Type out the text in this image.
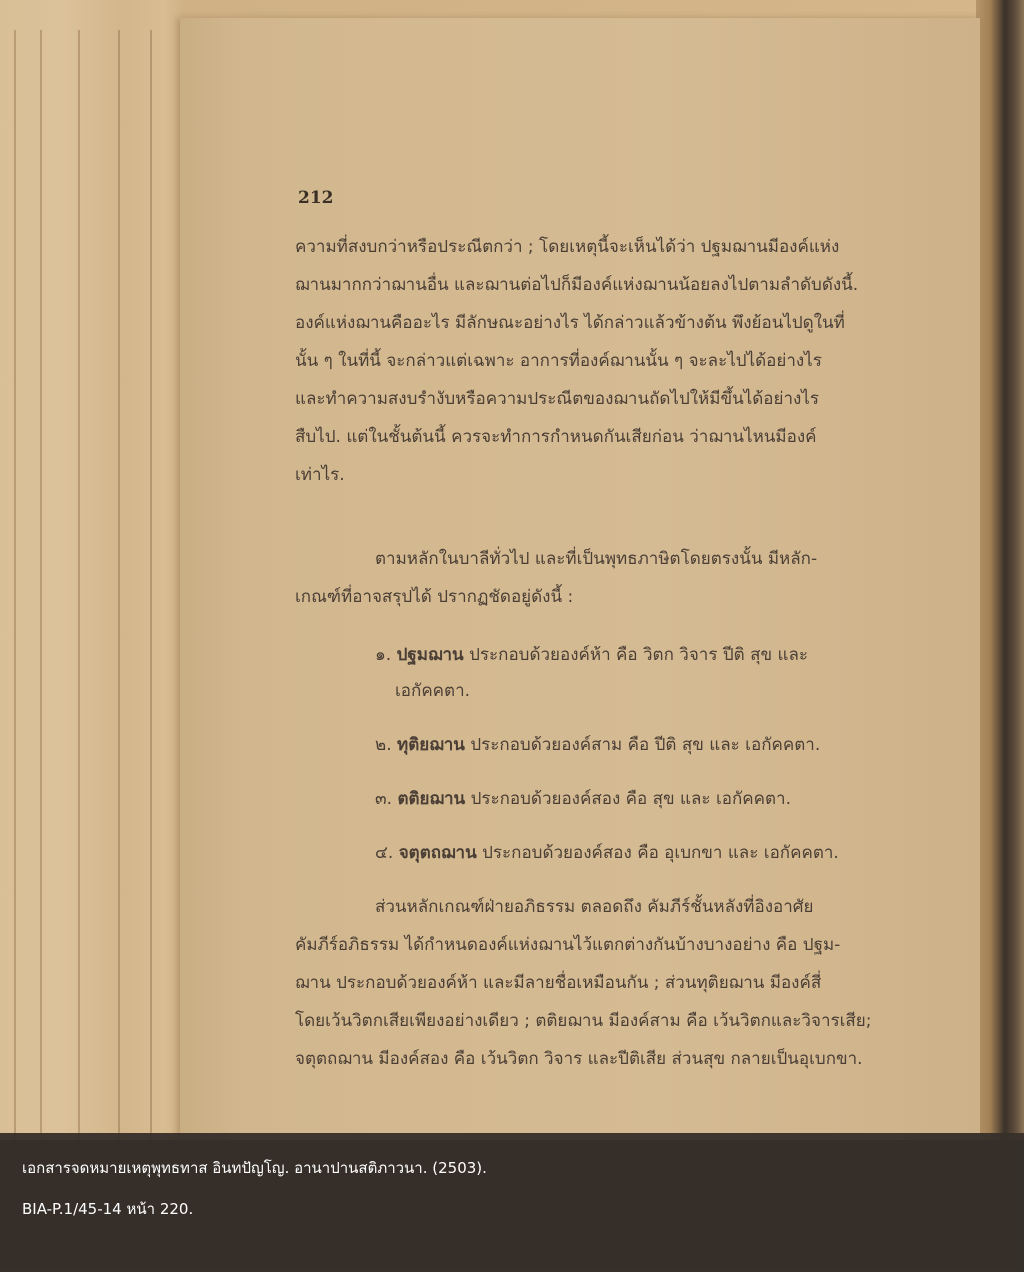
212
ความที่สงบกว่าหรือประณีตกว่า ; โดยเหตุนี้จะเห็นได้ว่า ปฐมฌานมีองค์แห่ง
ฌานมากกว่าฌานอื่น และฌานต่อไปก็มีองค์แห่งฌานน้อยลงไปตามลำดับดังนี้.
องค์แห่งฌานคืออะไร มีลักษณะอย่างไร ได้กล่าวแล้วข้างต้น พึงย้อนไปดูในที่
นั้น ๆ ในที่นี้ จะกล่าวแต่เฉพาะ อาการที่องค์ฌานนั้น ๆ จะละไปได้อย่างไร
และทำความสงบรำงับหรือความประณีตของฌานถัดไปให้มีขึ้นได้อย่างไร
สืบไป. แต่ในชั้นต้นนี้ ควรจะทำการกำหนดกันเสียก่อน ว่าฌานไหนมีองค์
เท่าไร.
ตามหลักในบาลีทั่วไป และที่เป็นพุทธภาษิตโดยตรงนั้น มีหลัก-
เกณฑ์ที่อาจสรุปได้ ปรากฏชัดอยู่ดังนี้ :
๑. ปฐมฌาน ประกอบด้วยองค์ห้า คือ วิตก วิจาร ปีติ สุข และ
เอกัคคตา.
๒. ทุติยฌาน ประกอบด้วยองค์สาม คือ ปีติ สุข และ เอกัคคตา.
๓. ตติยฌาน ประกอบด้วยองค์สอง คือ สุข และ เอกัคคตา.
๔. จตุตถฌาน ประกอบด้วยองค์สอง คือ อุเบกขา และ เอกัคคตา.
ส่วนหลักเกณฑ์ฝ่ายอภิธรรม ตลอดถึง คัมภีร์ชั้นหลังที่อิงอาศัย
คัมภีร์อภิธรรม ได้กำหนดองค์แห่งฌานไว้แตกต่างกันบ้างบางอย่าง คือ ปฐม-
ฌาน ประกอบด้วยองค์ห้า และมีลายชื่อเหมือนกัน ; ส่วนทุติยฌาน มีองค์สี่
โดยเว้นวิตกเสียเพียงอย่างเดียว ; ตติยฌาน มีองค์สาม คือ เว้นวิตกและวิจารเสีย;
จตุตถฌาน มีองค์สอง คือ เว้นวิตก วิจาร และปีติเสีย ส่วนสุข กลายเป็นอุเบกขา.
เอกสารจดหมายเหตุพุทธทาส อินทปัญโญ. อานาปานสติภาวนา. (2503).
BIA-P.1/45-14 หน้า 220.
